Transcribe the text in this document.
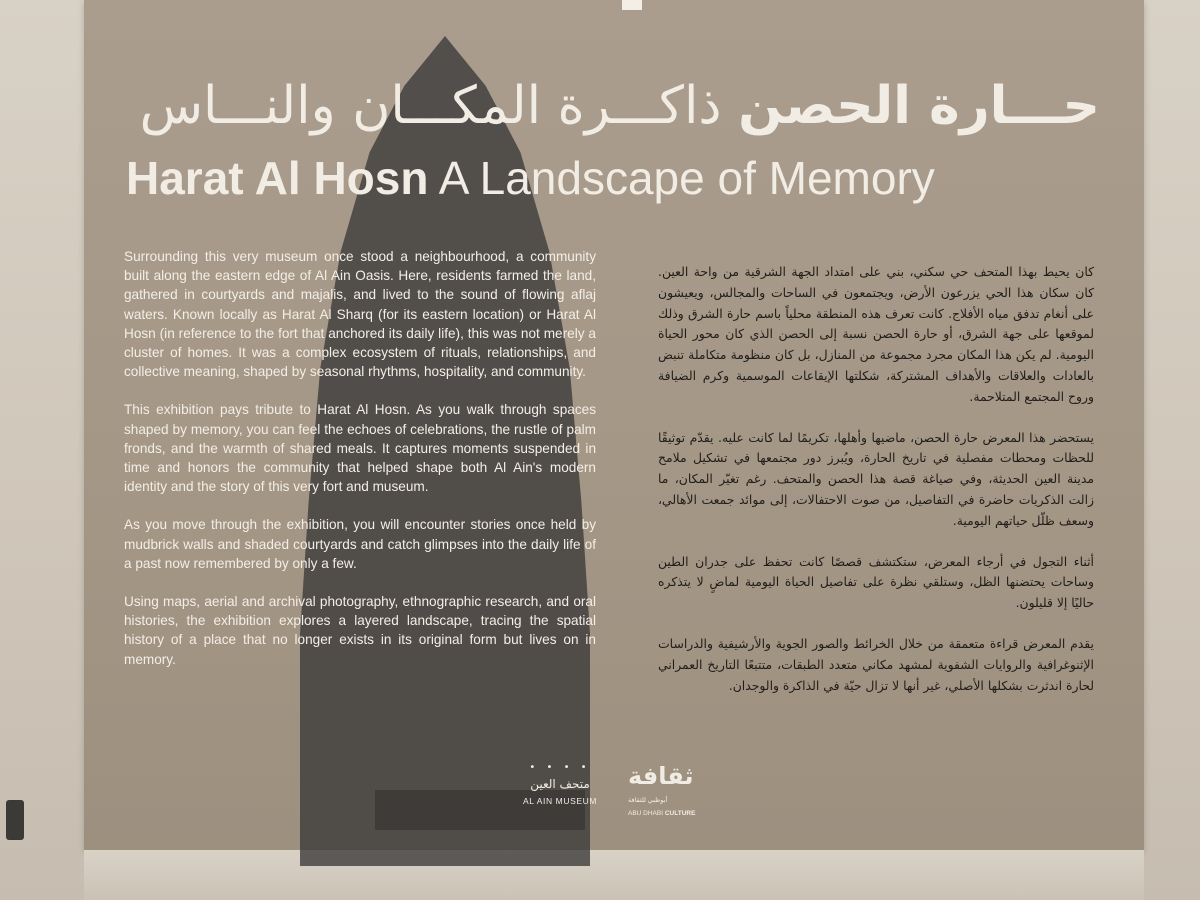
حـــارة الحصن ذاكـــرة المكـــان والنـــاس
Harat Al Hosn A Landscape of Memory

Surrounding this very museum once stood a neighbourhood, a community built along the eastern edge of Al Ain Oasis. Here, residents farmed the land, gathered in courtyards and majalis, and lived to the sound of flowing aflaj waters. Known locally as Harat Al Sharq (for its eastern location) or Harat Al Hosn (in reference to the fort that anchored its daily life), this was not merely a cluster of homes. It was a complex ecosystem of rituals, relationships, and collective meaning, shaped by seasonal rhythms, hospitality, and community.

This exhibition pays tribute to Harat Al Hosn. As you walk through spaces shaped by memory, you can feel the echoes of celebrations, the rustle of palm fronds, and the warmth of shared meals. It captures moments suspended in time and honors the community that helped shape both Al Ain's modern identity and the story of this very fort and museum.

As you move through the exhibition, you will encounter stories once held by mudbrick walls and shaded courtyards and catch glimpses into the daily life of a past now remembered by only a few.

Using maps, aerial and archival photography, ethnographic research, and oral histories, the exhibition explores a layered landscape, tracing the spatial history of a place that no longer exists in its original form but lives on in memory.

كان يحيط بهذا المتحف حي سكني، بني على امتداد الجهة الشرقية من واحة العين. كان سكان هذا الحي يزرعون الأرض، ويجتمعون في الساحات والمجالس، ويعيشون على أنغام تدفق مياه الأفلاج. كانت تعرف هذه المنطقة محلياً باسم حارة الشرق وذلك لموقعها على جهة الشرق، أو حارة الحصن نسبة إلى الحصن الذي كان محور الحياة اليومية. لم يكن هذا المكان مجرد مجموعة من المنازل، بل كان منظومة متكاملة تنبض بالعادات والعلاقات والأهداف المشتركة، شكلتها الإيقاعات الموسمية وكرم الضيافة وروح المجتمع المتلاحمة.

يستحضر هذا المعرض حارة الحصن، ماضيها وأهلها، تكريمًا لما كانت عليه. يقدّم توثيقًا للحظات ومحطات مفصلية في تاريخ الحارة، ويُبرز دور مجتمعها في تشكيل ملامح مدينة العين الحديثة، وفي صياغة قصة هذا الحصن والمتحف. رغم تغيّر المكان، ما زالت الذكريات حاضرة في التفاصيل، من صوت الاحتفالات، إلى موائد جمعت الأهالي، وسعف ظلّل حياتهم اليومية.

أثناء التجول في أرجاء المعرض، ستكتشف قصصًا كانت تحفظ على جدران الطين وساحات يحتضنها الظل، وستلقي نظرة على تفاصيل الحياة اليومية لماضٍ لا يتذكره حاليًا إلا قليلون.

يقدم المعرض قراءة متعمقة من خلال الخرائط والصور الجوية والأرشيفية والدراسات الإثنوغرافية والروايات الشفوية لمشهد مكاني متعدد الطبقات، متتبعًا التاريخ العمراني لحارة اندثرت بشكلها الأصلي، غير أنها لا تزال حيّة في الذاكرة والوجدان.

• • • •
متحف العين
AL AIN MUSEUM
ثقافة
أبوظبي للثقافة
ABU DHABI CULTURE
